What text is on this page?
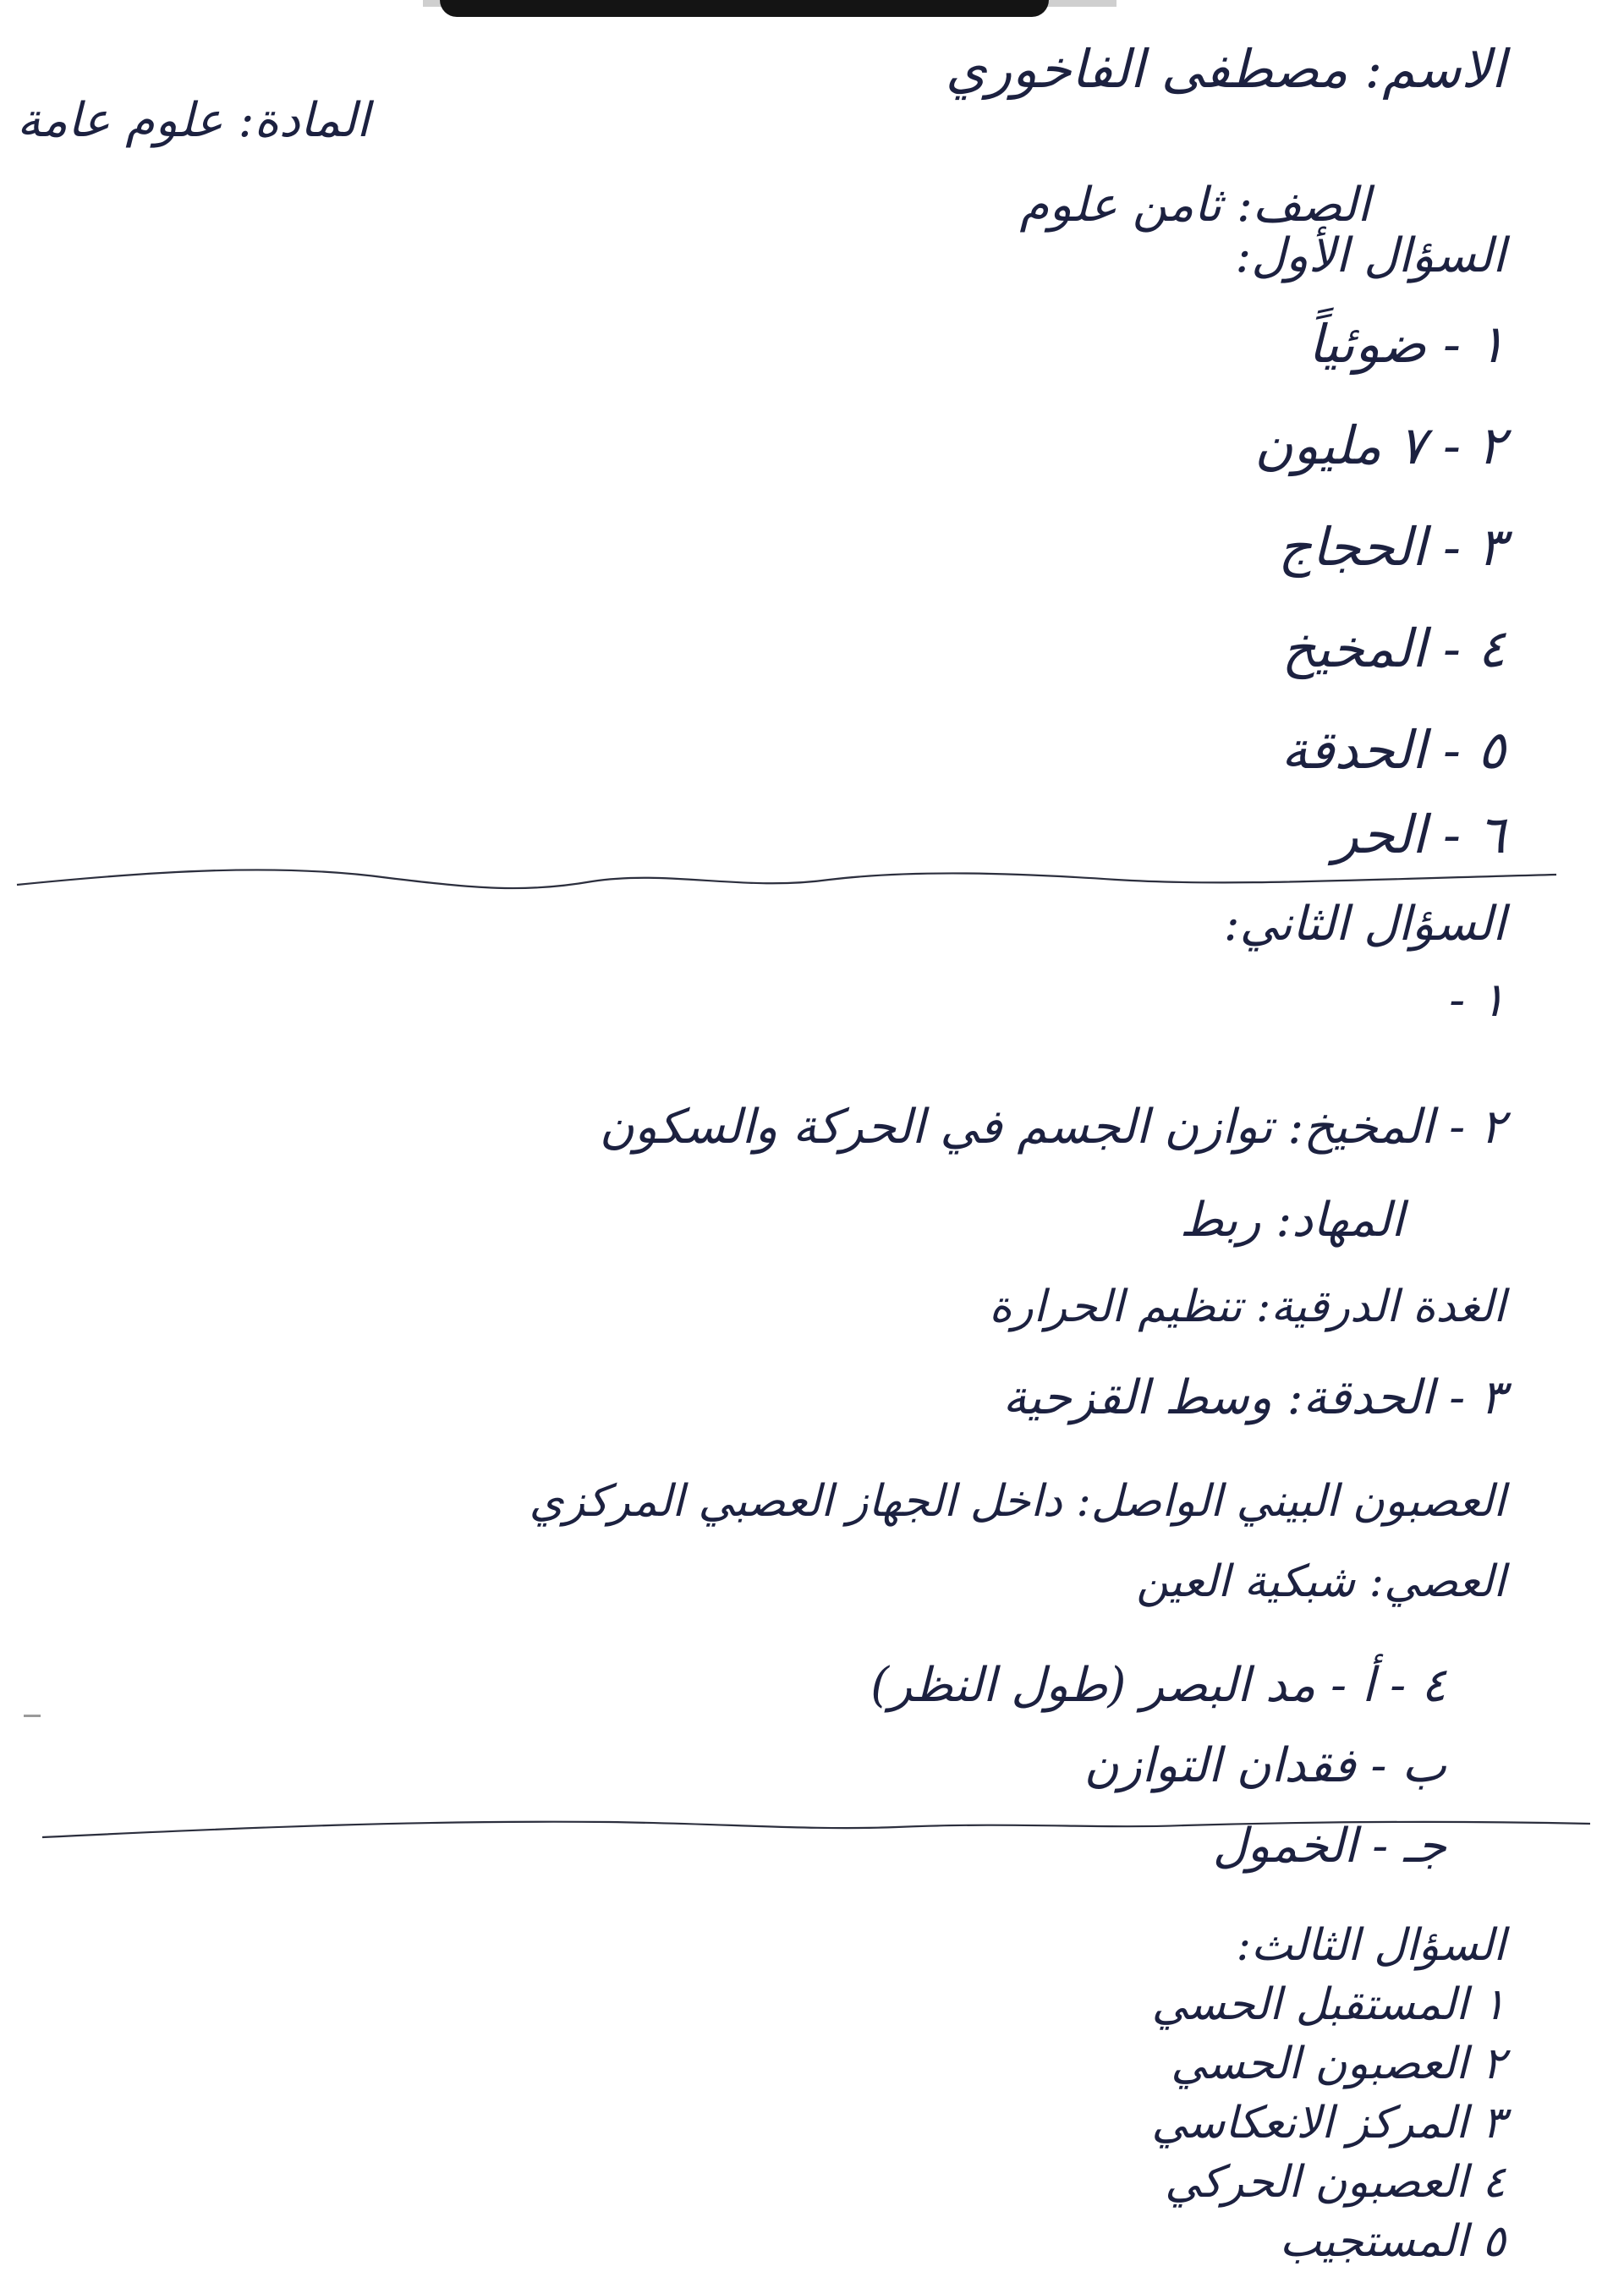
المادة: علوم عامة
الاسم: مصطفى الفاخوري
الصف: ثامن علوم
السؤال الأول:
١ - ضوئياً
٢ - ٧ مليون
٣ - الحجاج
٤ - المخيخ
٥ - الحدقة
٦ - الحر
السؤال الثاني:
١ -
٢ - المخيخ: توازن الجسم في الحركة والسكون
المهاد: ربط
الغدة الدرقية: تنظيم الحرارة
٣ - الحدقة: وسط القزحية
العصبون البيني الواصل: داخل الجهاز العصبي المركزي
العصي: شبكية العين
٤ - أ - مد البصر (طول النظر)
ب - فقدان التوازن
جـ - الخمول
السؤال الثالث:
١ المستقبل الحسي
٢ العصبون الحسي
٣ المركز الانعكاسي
٤ العصبون الحركي
٥ المستجيب
